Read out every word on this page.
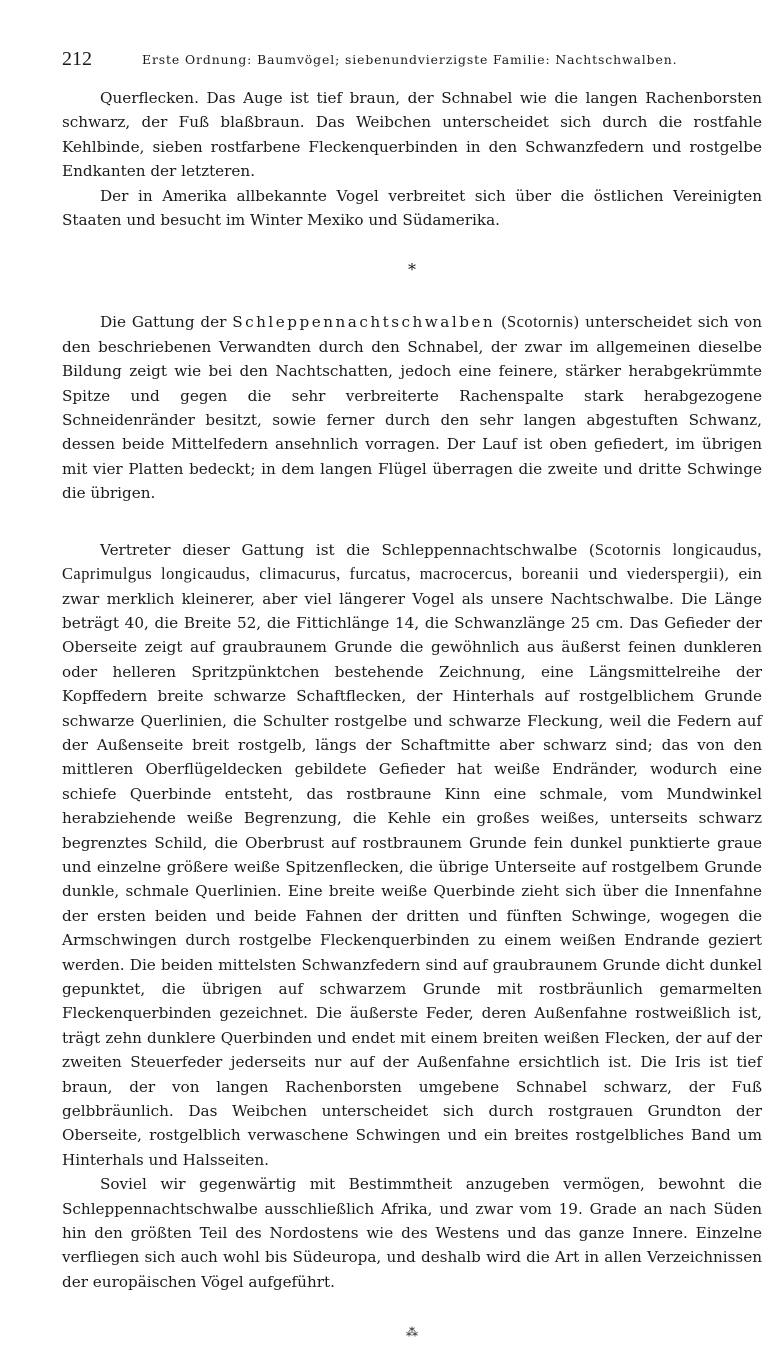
212	Erste Ordnung: Baumvögel; siebenundvierzigste Familie: Nachtschwalben.

Querflecken. Das Auge ist tief braun, der Schnabel wie die langen Rachenborsten schwarz, der Fuß blaßbraun. Das Weibchen unterscheidet sich durch die rostfahle Kehlbinde, sieben rostfarbene Fleckenquerbinden in den Schwanzfedern und rostgelbe Endkanten der letzteren.

Der in Amerika allbekannte Vogel verbreitet sich über die östlichen Vereinigten Staaten und besucht im Winter Mexiko und Südamerika.

*

Die Gattung der Schleppennachtschwalben (Scotornis) unterscheidet sich von den beschriebenen Verwandten durch den Schnabel, der zwar im allgemeinen dieselbe Bildung zeigt wie bei den Nachtschatten, jedoch eine feinere, stärker herabgekrümmte Spitze und gegen die sehr verbreiterte Rachenspalte stark herabgezogene Schneidenränder besitzt, sowie ferner durch den sehr langen abgestuften Schwanz, dessen beide Mittelfedern ansehnlich vorragen. Der Lauf ist oben gefiedert, im übrigen mit vier Platten bedeckt; in dem langen Flügel überragen die zweite und dritte Schwinge die übrigen.

Vertreter dieser Gattung ist die Schleppennachtschwalbe (Scotornis longicaudus, Caprimulgus longicaudus, climacurus, furcatus, macrocercus, boreanii und viederspergii), ein zwar merklich kleinerer, aber viel längerer Vogel als unsere Nachtschwalbe. Die Länge beträgt 40, die Breite 52, die Fittichlänge 14, die Schwanzlänge 25 cm. Das Gefieder der Oberseite zeigt auf graubraunem Grunde die gewöhnlich aus äußerst feinen dunkleren oder helleren Spritzpünktchen bestehende Zeichnung, eine Längsmittelreihe der Kopffedern breite schwarze Schaftflecken, der Hinterhals auf rostgelblichem Grunde schwarze Querlinien, die Schulter rostgelbe und schwarze Fleckung, weil die Federn auf der Außenseite breit rostgelb, längs der Schaftmitte aber schwarz sind; das von den mittleren Oberflügeldecken gebildete Gefieder hat weiße Endränder, wodurch eine schiefe Querbinde entsteht, das rostbraune Kinn eine schmale, vom Mundwinkel herabziehende weiße Begrenzung, die Kehle ein großes weißes, unterseits schwarz begrenztes Schild, die Oberbrust auf rostbraunem Grunde fein dunkel punktierte graue und einzelne größere weiße Spitzenflecken, die übrige Unterseite auf rostgelbem Grunde dunkle, schmale Querlinien. Eine breite weiße Querbinde zieht sich über die Innenfahne der ersten beiden und beide Fahnen der dritten und fünften Schwinge, wogegen die Armschwingen durch rostgelbe Fleckenquerbinden zu einem weißen Endrande geziert werden. Die beiden mittelsten Schwanzfedern sind auf graubraunem Grunde dicht dunkel gepunktet, die übrigen auf schwarzem Grunde mit rostbräunlich gemarmelten Fleckenquerbinden gezeichnet. Die äußerste Feder, deren Außenfahne rostweißlich ist, trägt zehn dunklere Querbinden und endet mit einem breiten weißen Flecken, der auf der zweiten Steuerfeder jederseits nur auf der Außenfahne ersichtlich ist. Die Iris ist tief braun, der von langen Rachenborsten umgebene Schnabel schwarz, der Fuß gelbbräunlich. Das Weibchen unterscheidet sich durch rostgrauen Grundton der Oberseite, rostgelblich verwaschene Schwingen und ein breites rostgelbliches Band um Hinterhals und Halsseiten.

Soviel wir gegenwärtig mit Bestimmtheit anzugeben vermögen, bewohnt die Schleppennachtschwalbe ausschließlich Afrika, und zwar vom 19. Grade an nach Süden hin den größten Teil des Nordostens wie des Westens und das ganze Innere. Einzelne verfliegen sich auch wohl bis Südeuropa, und deshalb wird die Art in allen Verzeichnissen der europäischen Vögel aufgeführt.

⁂
